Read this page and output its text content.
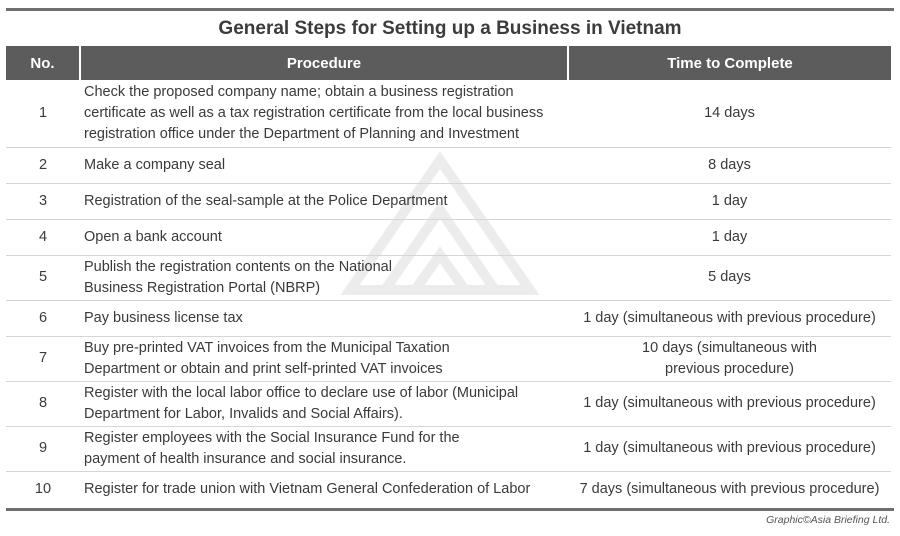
General Steps for Setting up a Business in Vietnam
No.	Procedure	Time to Complete
1	Check the proposed company name; obtain a business registration certificate as well as a tax registration certificate from the local business registration office under the Department of Planning and Investment	14 days
2	Make a company seal	8 days
3	Registration of the seal-sample at the Police Department	1 day
4	Open a bank account	1 day
5	Publish the registration contents on the National Business Registration Portal (NBRP)	5 days
6	Pay business license tax	1 day (simultaneous with previous procedure)
7	Buy pre-printed VAT invoices from the Municipal Taxation Department or obtain and print self-printed VAT invoices	10 days (simultaneous with previous procedure)
8	Register with the local labor office to declare use of labor (Municipal Department for Labor, Invalids and Social Affairs).	1 day (simultaneous with previous procedure)
9	Register employees with the Social Insurance Fund for the payment of health insurance and social insurance.	1 day (simultaneous with previous procedure)
10	Register for trade union with Vietnam General Confederation of Labor	7 days (simultaneous with previous procedure)
Graphic©Asia Briefing Ltd.
